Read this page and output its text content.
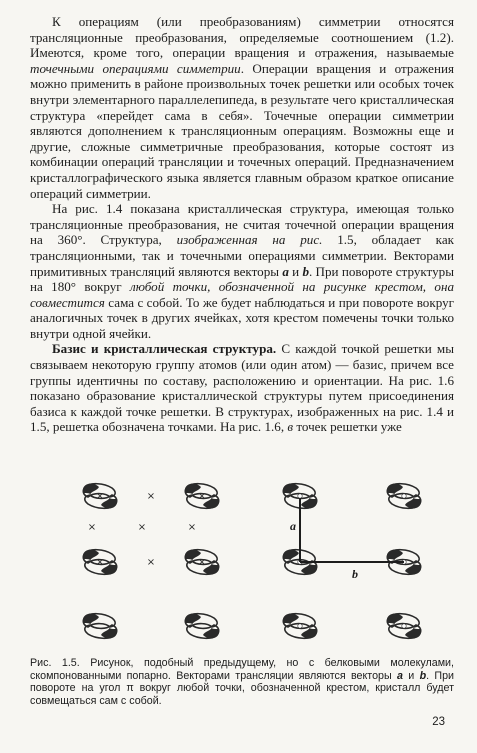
К операциям (или преобразованиям) симметрии относятся трансляционные преобразования, определяемые соотношением (1.2). Имеются, кроме того, операции вращения и отражения, называемые точечными операциями симметрии. Операции вращения и отражения можно применить в районе произвольных точек решетки или особых точек внутри элементарного параллелепипеда, в результате чего кристаллическая структура «перейдет сама в себя». Точечные операции симметрии являются дополнением к трансляционным операциям. Возможны еще и другие, сложные симметричные преобразования, которые состоят из комбинации операций трансляции и точечных операций. Предназначением кристаллографического языка является главным образом краткое описание операций симметрии.

На рис. 1.4 показана кристаллическая структура, имеющая только трансляционные преобразования, не считая точечной операции вращения на 360°. Структура, изображенная на рис. 1.5, обладает как трансляционными, так и точечными операциями симметрии. Векторами примитивных трансляций являются векторы a и b. При повороте структуры на 180° вокруг любой точки, обозначенной на рисунке крестом, она совместится сама с собой. То же будет наблюдаться и при повороте вокруг аналогичных точек в других ячейках, хотя крестом помечены точки только внутри одной ячейки.

Базис и кристаллическая структура. С каждой точкой решетки мы связываем некоторую группу атомов (или один атом) — базис, причем все группы идентичны по составу, расположению и ориентации. На рис. 1.6 показано образование кристаллической структуры путем присоединения базиса к каждой точке решетки. В структурах, изображенных на рис. 1.4 и 1.5, решетка обозначена точками. На рис. 1.6, в точек решетки уже

×	×
×
×	×	×
×	×
×
a
b
Рис. 1.5. Рисунок, подобный предыдущему, но с белковыми молекулами, скомпонованными попарно. Векторами трансляции являются векторы a и b. При повороте на угол π вокруг любой точки, обозначенной крестом, кристалл будет совмещаться сам с собой.
23
